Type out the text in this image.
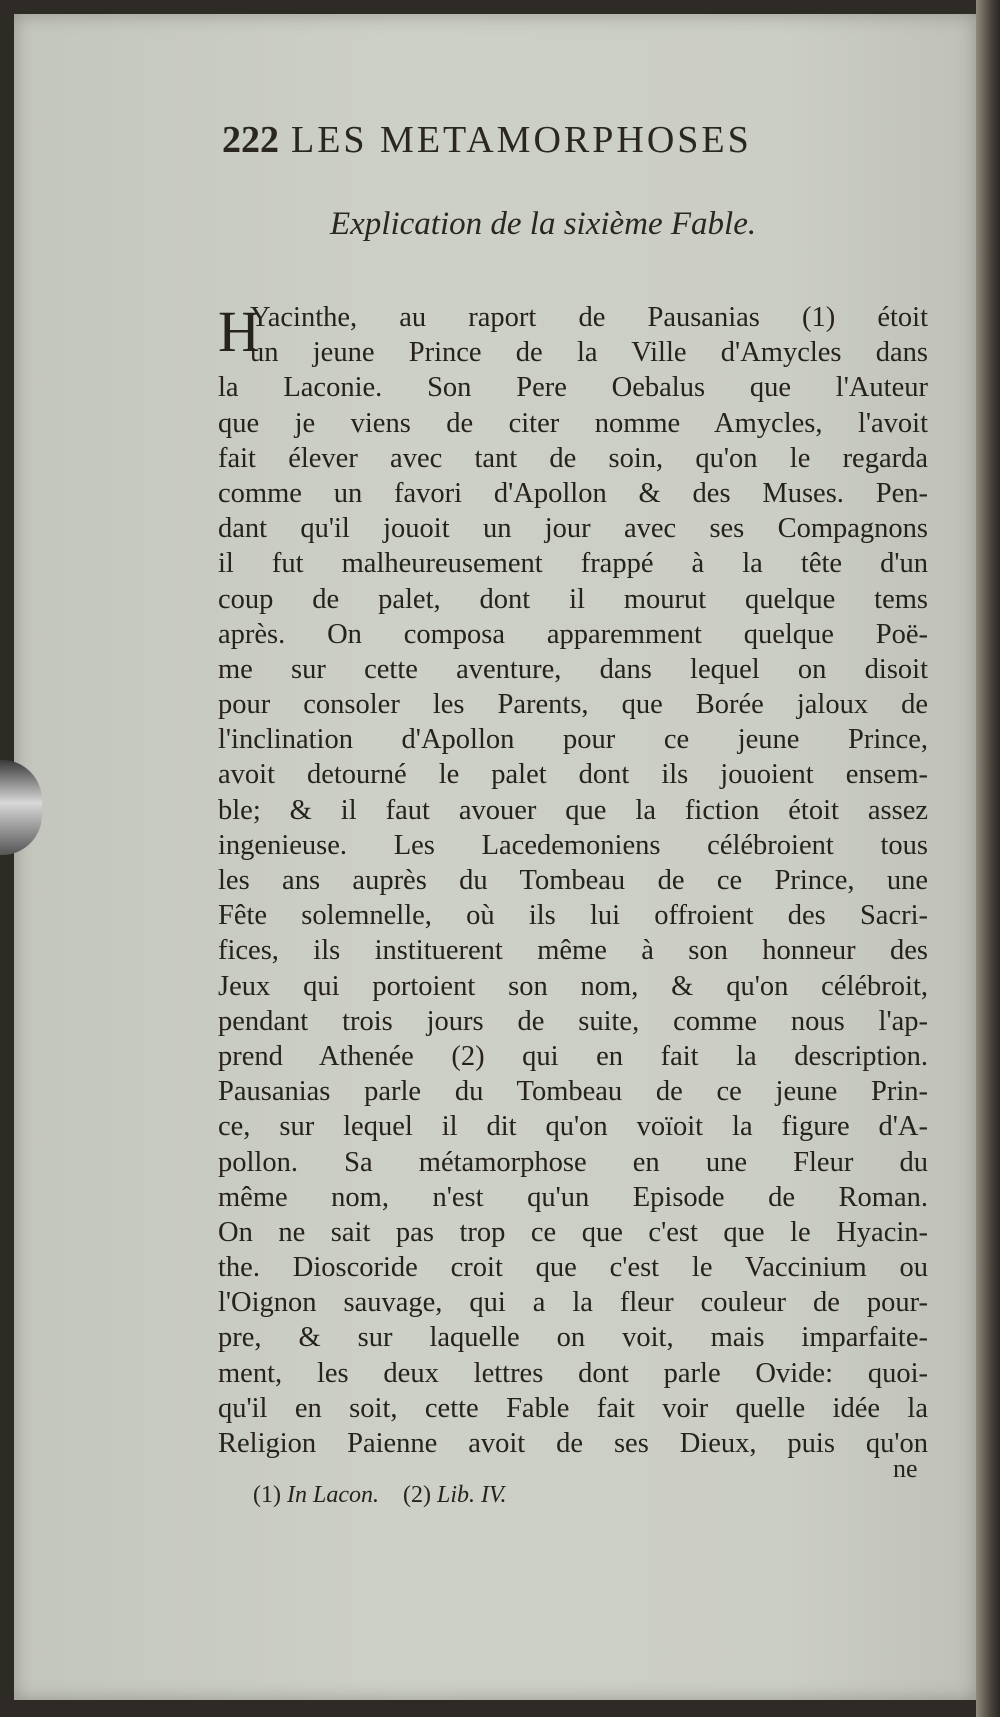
222 LES METAMORPHOSES
Explication de la sixième Fable.
H
Yacinthe, au raport de Pausanias (1) étoit
un jeune Prince de la Ville d'Amycles dans
la Laconie. Son Pere Oebalus que l'Auteur
que je viens de citer nomme Amycles, l'avoit
fait élever avec tant de soin, qu'on le regarda
comme un favori d'Apollon & des Muses. Pen-
dant qu'il jouoit un jour avec ses Compagnons
il fut malheureusement frappé à la tête d'un
coup de palet, dont il mourut quelque tems
après. On composa apparemment quelque Poë-
me sur cette aventure, dans lequel on disoit
pour consoler les Parents, que Borée jaloux de
l'inclination d'Apollon pour ce jeune Prince,
avoit detourné le palet dont ils jouoient ensem-
ble; & il faut avouer que la fiction étoit assez
ingenieuse. Les Lacedemoniens célébroient tous
les ans auprès du Tombeau de ce Prince, une
Fête solemnelle, où ils lui offroient des Sacri-
fices, ils instituerent même à son honneur des
Jeux qui portoient son nom, & qu'on célébroit,
pendant trois jours de suite, comme nous l'ap-
prend Athenée (2) qui en fait la description.
Pausanias parle du Tombeau de ce jeune Prin-
ce, sur lequel il dit qu'on voïoit la figure d'A-
pollon. Sa métamorphose en une Fleur du
même nom, n'est qu'un Episode de Roman.
On ne sait pas trop ce que c'est que le Hyacin-
the. Dioscoride croit que c'est le Vaccinium ou
l'Oignon sauvage, qui a la fleur couleur de pour-
pre, & sur laquelle on voit, mais imparfaite-
ment, les deux lettres dont parle Ovide: quoi-
qu'il en soit, cette Fable fait voir quelle idée la
Religion Paienne avoit de ses Dieux, puis qu'on
ne
(1) In Lacon. (2) Lib. IV.
